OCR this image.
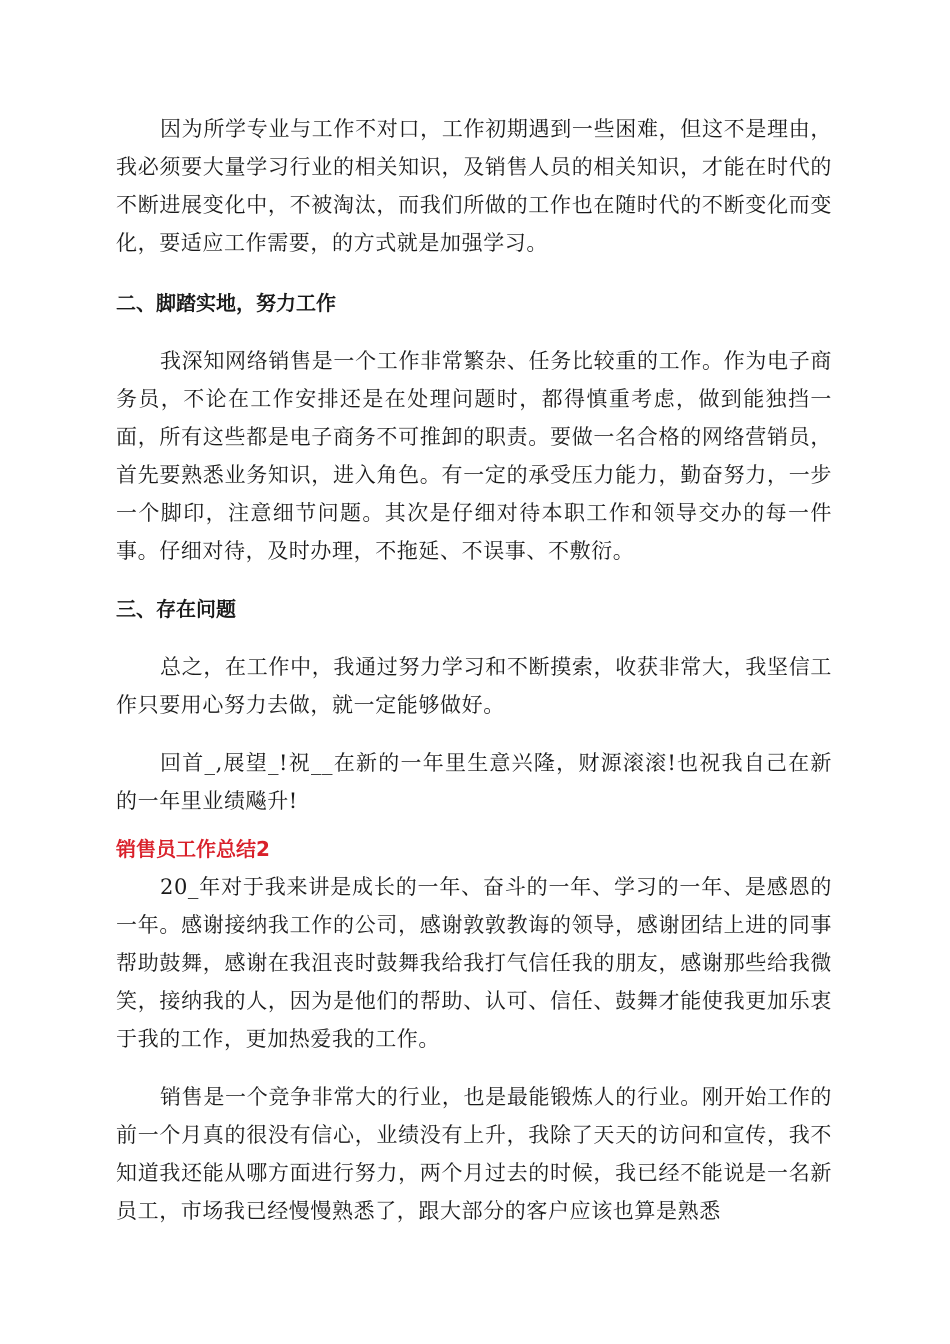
因为所学专业与工作不对口，工作初期遇到一些困难，但这不是理由，我必须要大量学习行业的相关知识，及销售人员的相关知识，才能在时代的不断进展变化中，不被淘汰，而我们所做的工作也在随时代的不断变化而变化，要适应工作需要，的方式就是加强学习。

二、脚踏实地，努力工作

我深知网络销售是一个工作非常繁杂、任务比较重的工作。作为电子商务员，不论在工作安排还是在处理问题时，都得慎重考虑，做到能独挡一面，所有这些都是电子商务不可推卸的职责。要做一名合格的网络营销员，首先要熟悉业务知识，进入角色。有一定的承受压力能力，勤奋努力，一步一个脚印，注意细节问题。其次是仔细对待本职工作和领导交办的每一件事。仔细对待，及时办理，不拖延、不误事、不敷衍。

三、存在问题

总之，在工作中，我通过努力学习和不断摸索，收获非常大，我坚信工作只要用心努力去做，就一定能够做好。

回首_,展望_!祝__在新的一年里生意兴隆，财源滚滚!也祝我自己在新的一年里业绩飚升!

销售员工作总结2

20_年对于我来讲是成长的一年、奋斗的一年、学习的一年、是感恩的一年。感谢接纳我工作的公司，感谢敦敦教诲的领导，感谢团结上进的同事帮助鼓舞，感谢在我沮丧时鼓舞我给我打气信任我的朋友，感谢那些给我微笑，接纳我的人，因为是他们的帮助、认可、信任、鼓舞才能使我更加乐衷于我的工作，更加热爱我的工作。

销售是一个竞争非常大的行业，也是最能锻炼人的行业。刚开始工作的前一个月真的很没有信心，业绩没有上升，我除了天天的访问和宣传，我不知道我还能从哪方面进行努力，两个月过去的时候，我已经不能说是一名新员工，市场我已经慢慢熟悉了，跟大部分的客户应该也算是熟悉
